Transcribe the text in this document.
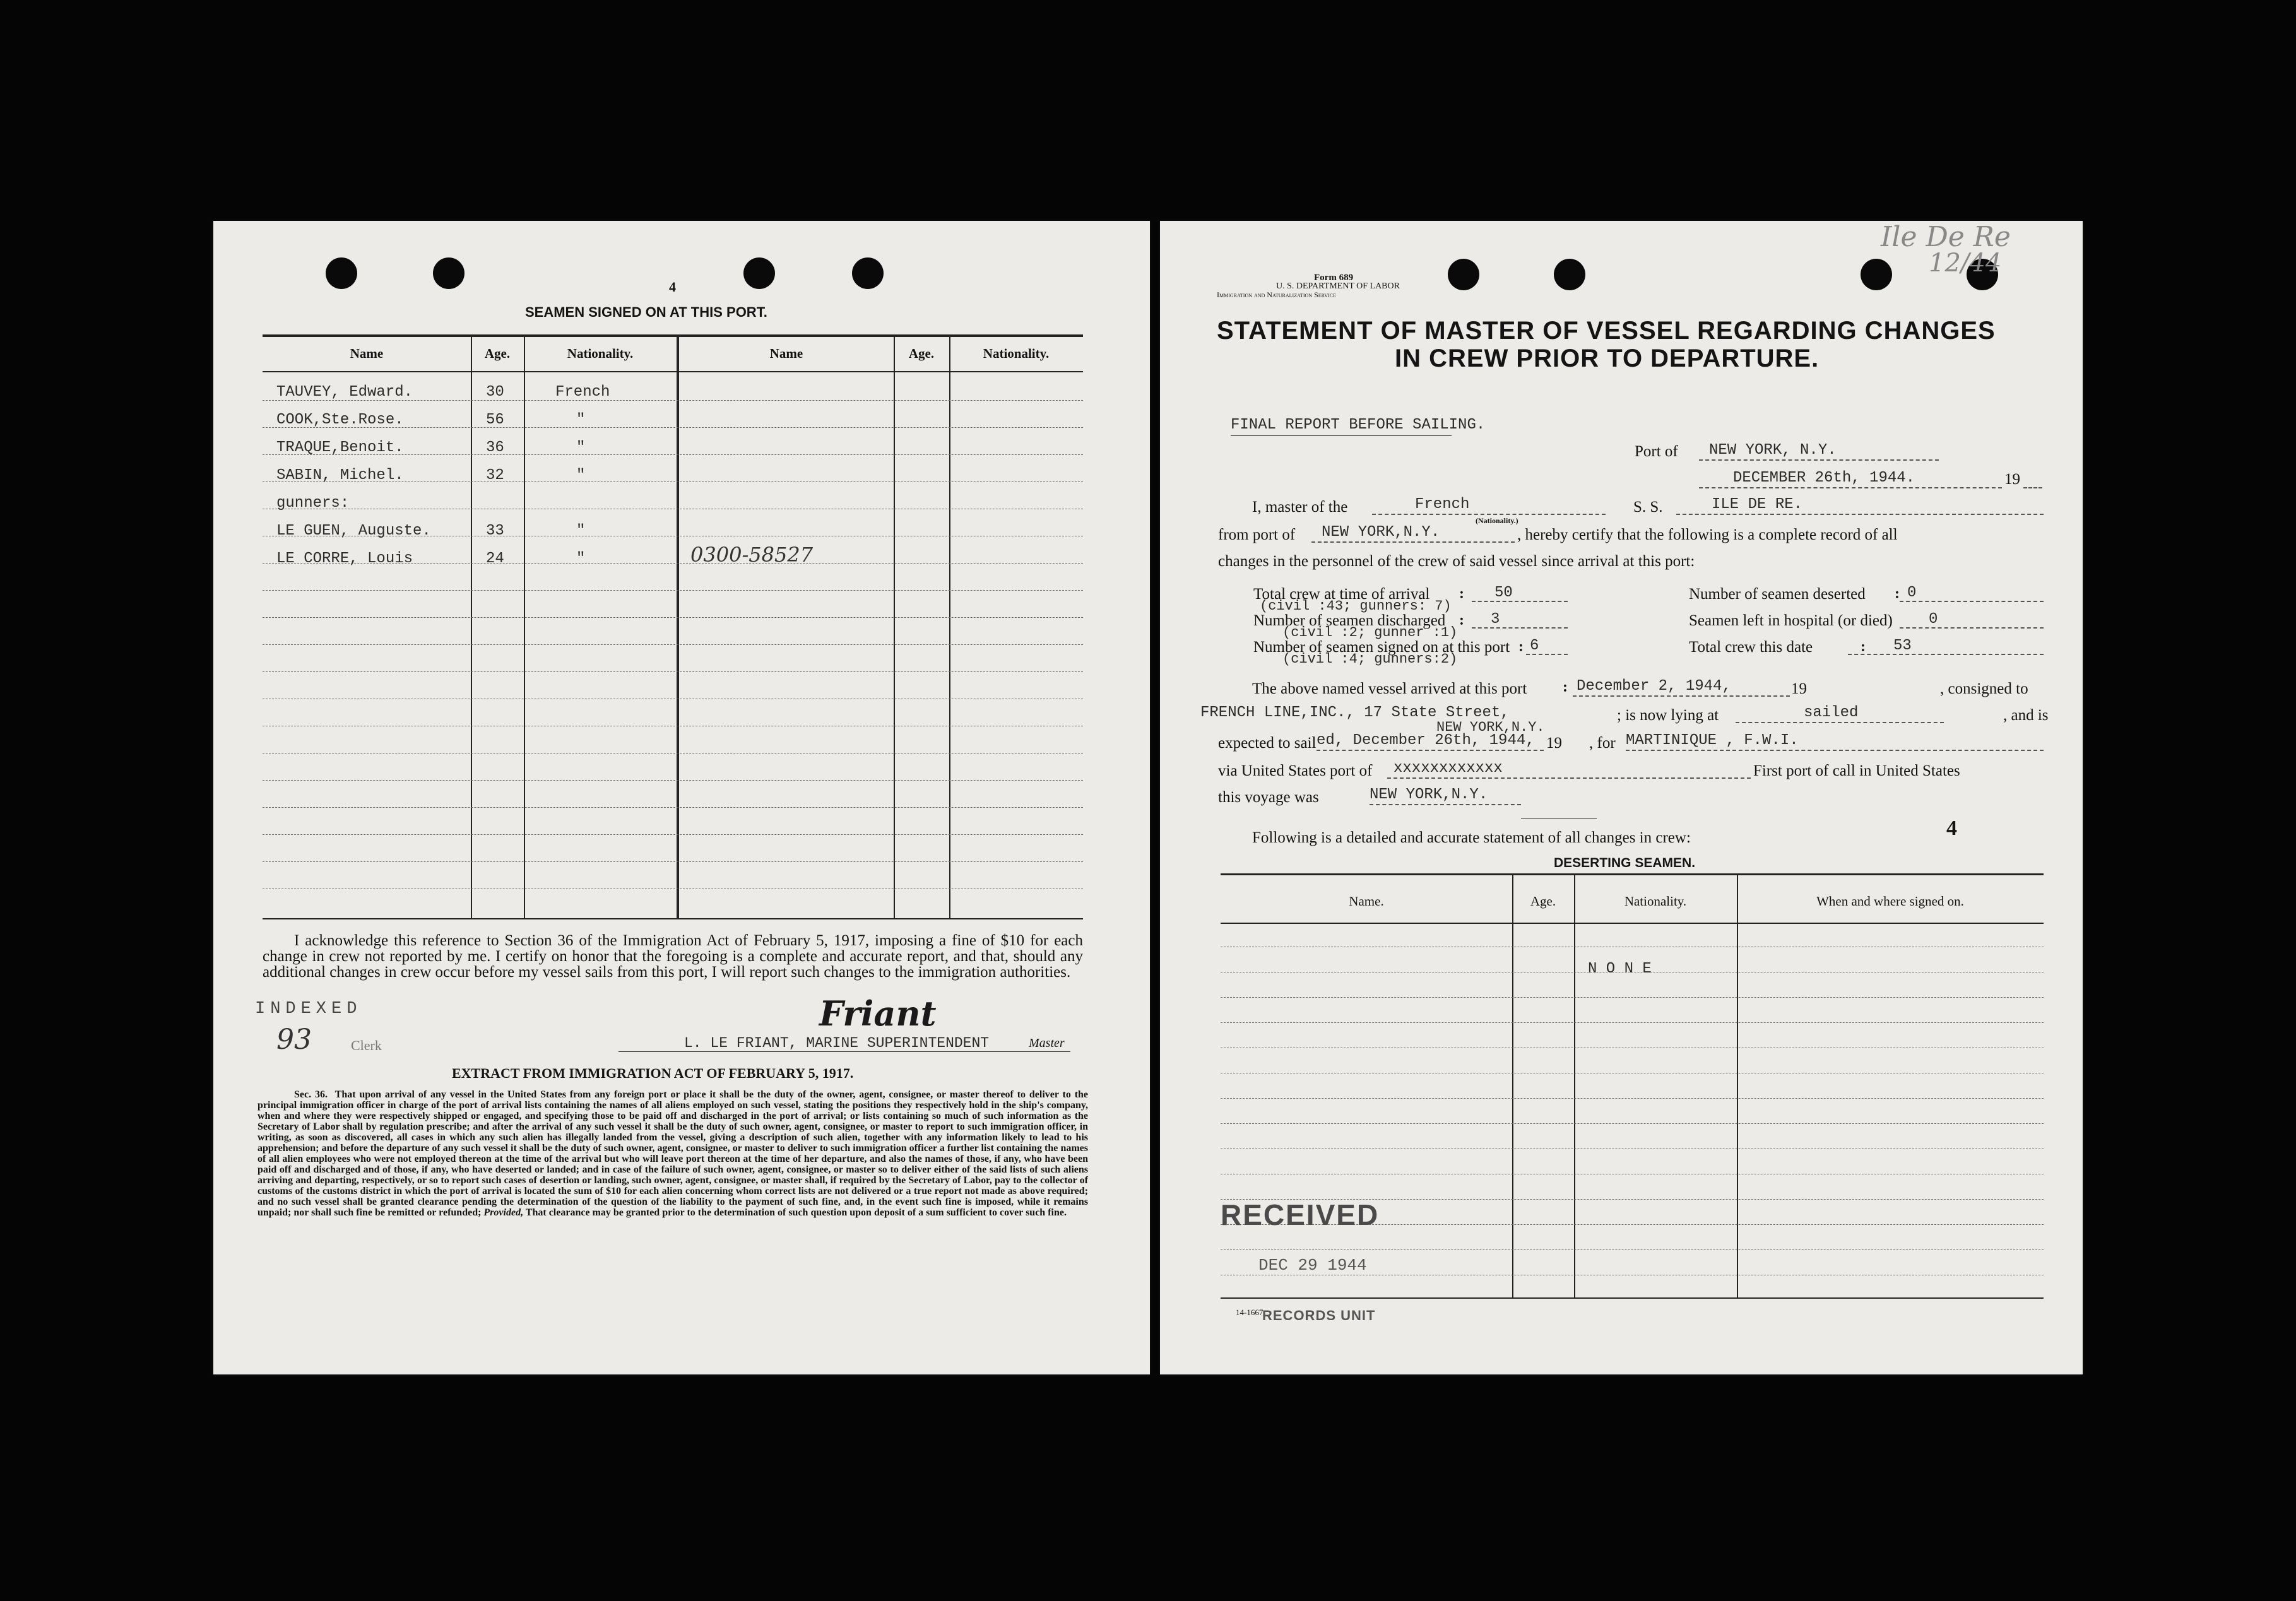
4
SEAMEN SIGNED ON AT THIS PORT.
Name	Age.	Nationality.	Name	Age.	Nationality.
TAUVEY, Edward.	30	French
COOK,Ste.Rose.	56	"
TRAQUE,Benoit.	36	"
SABIN, Michel.	32	"
gunners:
LE GUEN, Auguste.	33	"
LE CORRE, Louis	24	"	0300-58527
I acknowledge this reference to Section 36 of the Immigration Act of February 5, 1917, imposing a fine of $10 for each change in crew not reported by me. I certify on honor that the foregoing is a complete and accurate report, and that, should any additional changes in crew occur before my vessel sails from this port, I will report such changes to the immigration authorities.
INDEXED
93	Clerk
Friant
L. LE FRIANT, MARINE SUPERINTENDENT	Master
EXTRACT FROM IMMIGRATION ACT OF FEBRUARY 5, 1917.
Sec. 36. That upon arrival of any vessel in the United States from any foreign port or place it shall be the duty of the owner, agent, consignee, or master thereof to deliver to the principal immigration officer in charge of the port of arrival lists containing the names of all aliens employed on such vessel, stating the positions they respectively hold in the ship's company, when and where they were respectively shipped or engaged, and specifying those to be paid off and discharged in the port of arrival; or lists containing so much of such information as the Secretary of Labor shall by regulation prescribe; and after the arrival of any such vessel it shall be the duty of such owner, agent, consignee, or master to report to such immigration officer, in writing, as soon as discovered, all cases in which any such alien has illegally landed from the vessel, giving a description of such alien, together with any information likely to lead to his apprehension; and before the departure of any such vessel it shall be the duty of such owner, agent, consignee, or master to deliver to such immigration officer a further list containing the names of all alien employees who were not employed thereon at the time of the arrival but who will leave port thereon at the time of her departure, and also the names of those, if any, who have been paid off and discharged and of those, if any, who have deserted or landed; and in case of the failure of such owner, agent, consignee, or master so to deliver either of the said lists of such aliens arriving and departing, respectively, or so to report such cases of desertion or landing, such owner, agent, consignee, or master shall, if required by the Secretary of Labor, pay to the collector of customs of the customs district in which the port of arrival is located the sum of $10 for each alien concerning whom correct lists are not delivered or a true report not made as above required; and no such vessel shall be granted clearance pending the determination of the question of the liability to the payment of such fine, and, in the event such fine is imposed, while it remains unpaid; nor shall such fine be remitted or refunded; Provided, That clearance may be granted prior to the determination of such question upon deposit of a sum sufficient to cover such fine.
Ile De Re
12/44
Form 689
U. S. DEPARTMENT OF LABOR
Immigration and Naturalization Service
STATEMENT OF MASTER OF VESSEL REGARDING CHANGES
IN CREW PRIOR TO DEPARTURE.
FINAL REPORT BEFORE SAILING.
Port of NEW YORK, N.Y.
DECEMBER 26th, 1944.	19
I, master of the	French
(Nationality.)
S. S.	ILE DE RE.
from port of NEW YORK,N.Y.	, hereby certify that the following is a complete record of all
changes in the personnel of the crew of said vessel since arrival at this port:
Total crew at time of arrival : 50
(civil :43; gunners: 7)
Number of seamen deserted : 0
Number of seamen discharged : 3
(civil :2; gunner :1)
Seamen left in hospital (or died) 0
Number of seamen signed on at this port : 6
(civil :4; gunners:2)
Total crew this date	: 53
The above named vessel arrived at this port : December 2, 1944,	19	, consigned to
FRENCH LINE,INC., 17 State Street,
NEW YORK,N.Y.
; is now lying at	sailed	, and is
expected to sail ed, December 26th, 1944, 19 , for MARTINIQUE , F.W.I.
via United States port of xxxxxxxxxxxx	First port of call in United States
this voyage was	NEW YORK,N.Y.
Following is a detailed and accurate statement of all changes in crew:	4
DESERTING SEAMEN.
Name.	Age.	Nationality.	When and where signed on.
N O N E
RECEIVED
DEC 29 1944
14-1667
RECORDS UNIT
